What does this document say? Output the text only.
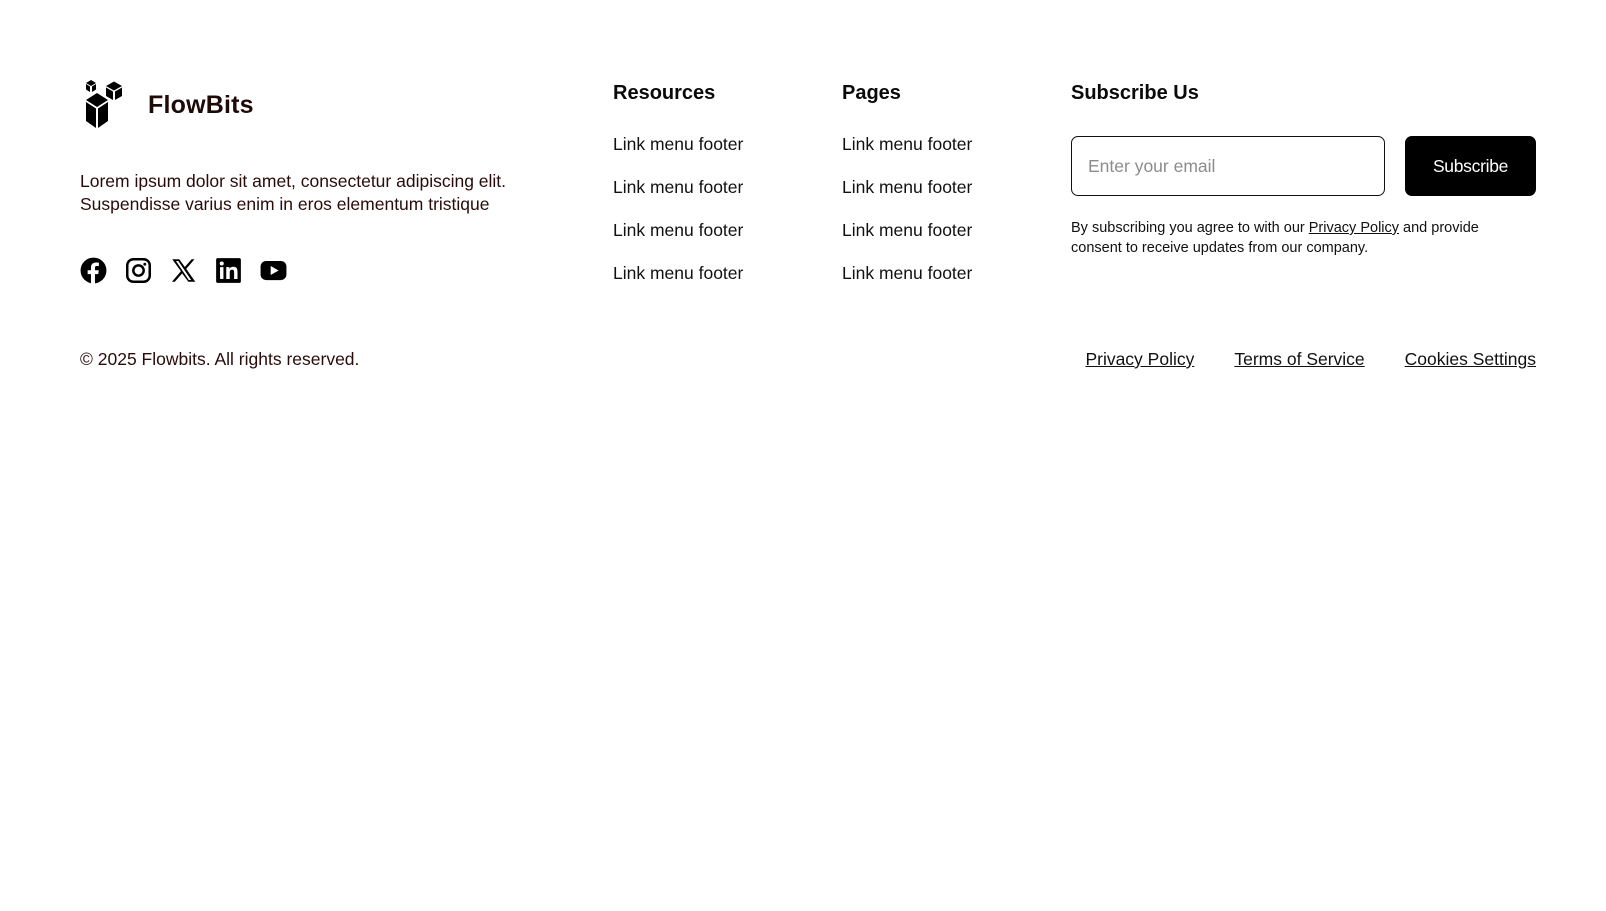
FlowBits

Lorem ipsum dolor sit amet, consectetur adipiscing elit. Suspendisse varius enim in eros elementum tristique

Resources
Link menu footer
Link menu footer
Link menu footer
Link menu footer
Pages
Link menu footer
Link menu footer
Link menu footer
Link menu footer
Subscribe Us
Enter your email
Subscribe

By subscribing you agree to with our Privacy Policy and provide consent to receive updates from our company.

© 2025 Flowbits. All rights reserved.	Privacy Policy Terms of Service Cookies Settings
